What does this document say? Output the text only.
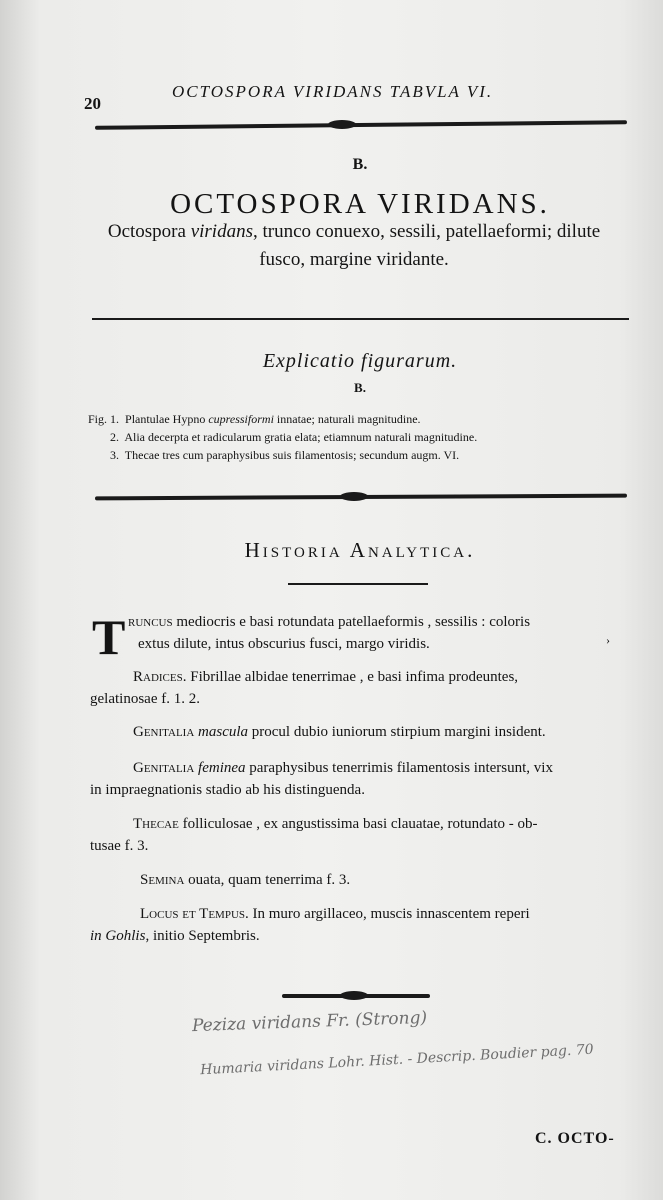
20
OCTOSPORA VIRIDANS TABVLA VI.
B.
OCTOSPORA VIRIDANS.
Octospora viridans, trunco conuexo, sessili, patellaeformi; dilute fusco, margine viridante.
Explicatio figurarum.
B.
Fig. 1. Plantulae Hypno cupressiformi innatae; naturali magnitudine.
2. Alia decerpta et radicularum gratia elata; etiamnum naturali magnitudine.
3. Thecae tres cum paraphysibus suis filamentosis; secundum augm. VI.
Historia Analytica.
T runcus mediocris e basi rotundata patellaeformis , sessilis : coloris
extus dilute, intus obscurius fusci, margo viridis.	›
Radices. Fibrillae albidae tenerrimae , e basi infima prodeuntes,
gelatinosae f. 1. 2.
Genitalia mascula procul dubio iuniorum stirpium margini insident.
Genitalia feminea paraphysibus tenerrimis filamentosis intersunt, vix
in impraegnationis stadio ab his distinguenda.
Thecae folliculosae , ex angustissima basi clauatae, rotundato - ob-
tusae f. 3.
Semina ouata, quam tenerrima f. 3.
Locus et Tempus. In muro argillaceo, muscis innascentem reperi
in Gohlis, initio Septembris.
Peziza viridans Fr. (Strong)
Humaria viridans Lohr. Hist. - Descrip. Boudier pag. 70
C. OCTO-
